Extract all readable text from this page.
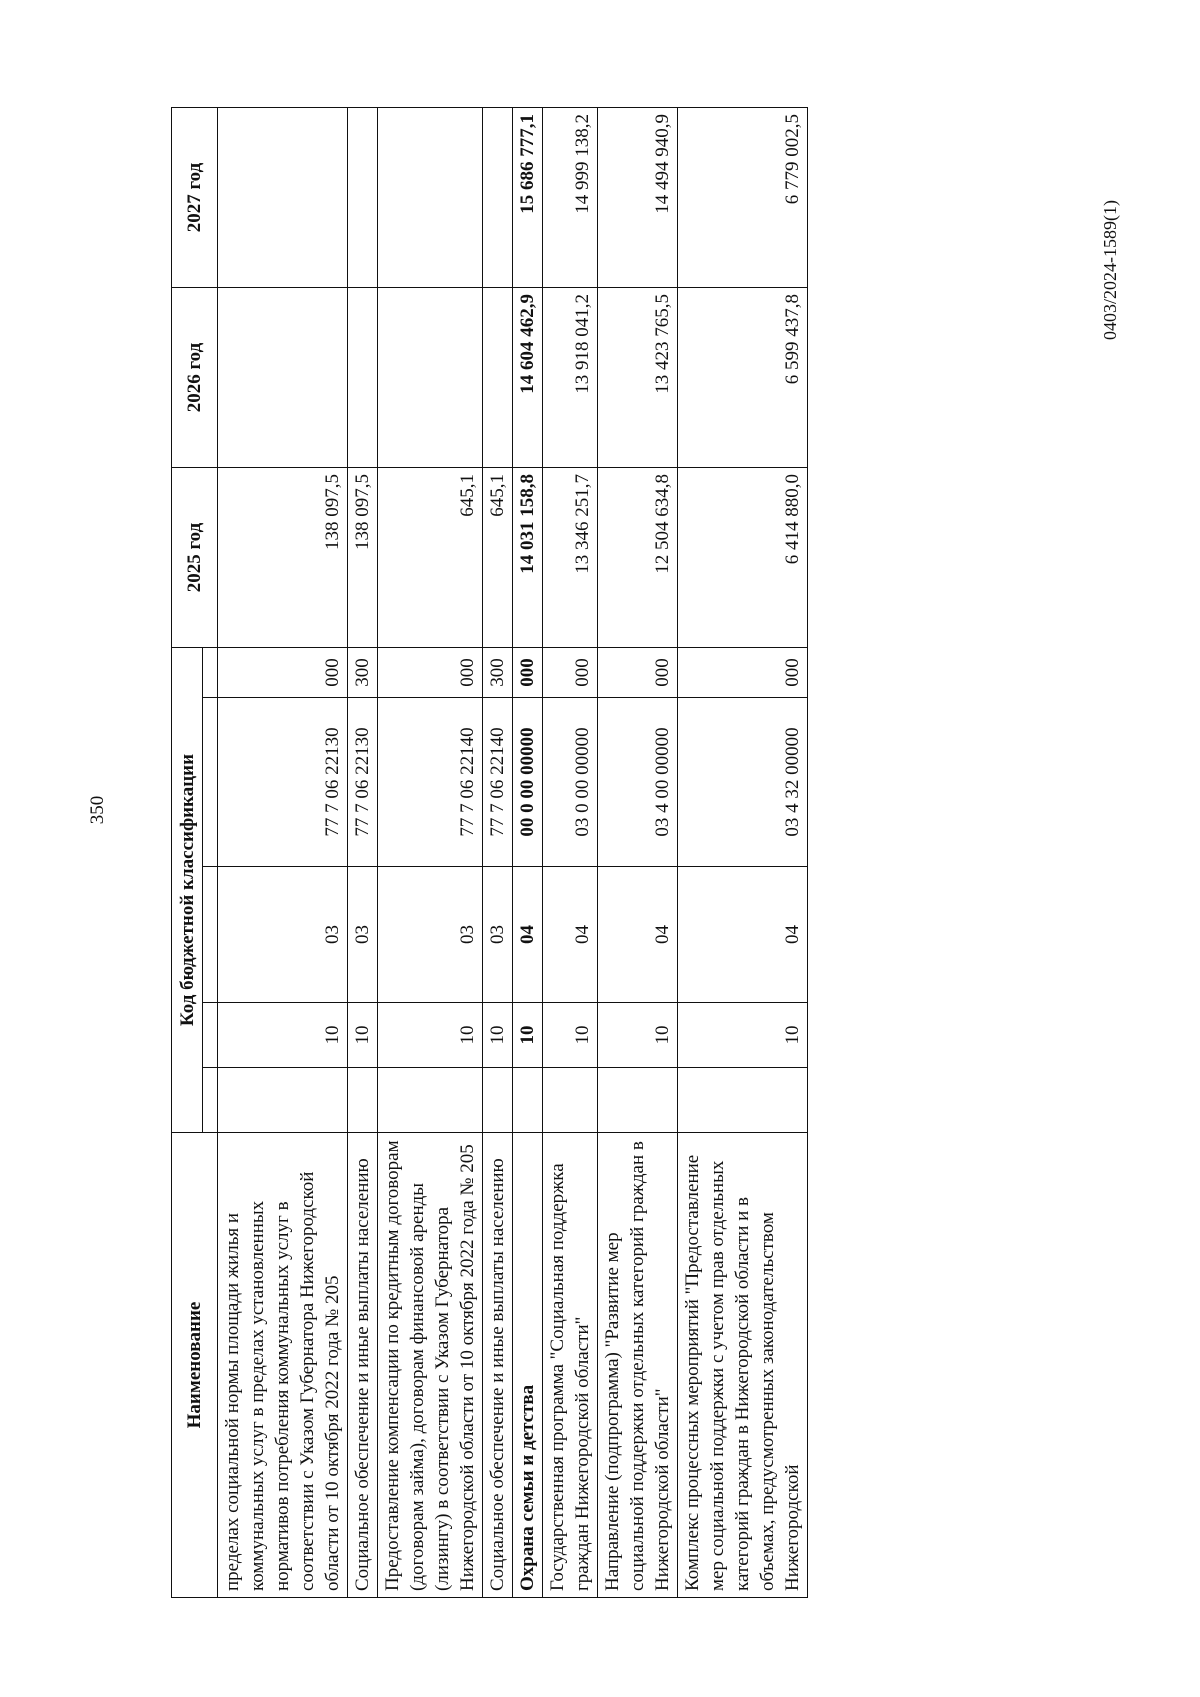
350
0403/2024-1589(1)
Наименование	Код бюджетной классификации					2025 год	2026 год	2027 год

пределах социальной нормы площади жилья и коммунальных услуг в пределах установленных нормативов потребления коммунальных услуг в соответствии с Указом Губернатора Нижегородской области от 10 октября 2022 года № 205		10	03	77 7 06 22130	000	138 097,5		
Социальное обеспечение и иные выплаты населению		10	03	77 7 06 22130	300	138 097,5		
Предоставление компенсации по кредитным договорам (договорам займа), договорам финансовой аренды (лизингу) в соответствии с Указом Губернатора Нижегородской области от 10 октября 2022 года № 205		10	03	77 7 06 22140	000	645,1		
Социальное обеспечение и иные выплаты населению		10	03	77 7 06 22140	300	645,1		
Охрана семьи и детства		10	04	00 0 00 00000	000	14 031 158,8	14 604 462,9	15 686 777,1
Государственная программа "Социальная поддержка граждан Нижегородской области"		10	04	03 0 00 00000	000	13 346 251,7	13 918 041,2	14 999 138,2
Направление (подпрограмма) "Развитие мер социальной поддержки отдельных категорий граждан в Нижегородской области"		10	04	03 4 00 00000	000	12 504 634,8	13 423 765,5	14 494 940,9
Комплекс процессных мероприятий "Предоставление мер социальной поддержки с учетом прав отдельных категорий граждан в Нижегородской области и в объемах, предусмотренных законодательством Нижегородской		10	04	03 4 32 00000	000	6 414 880,0	6 599 437,8	6 779 002,5
